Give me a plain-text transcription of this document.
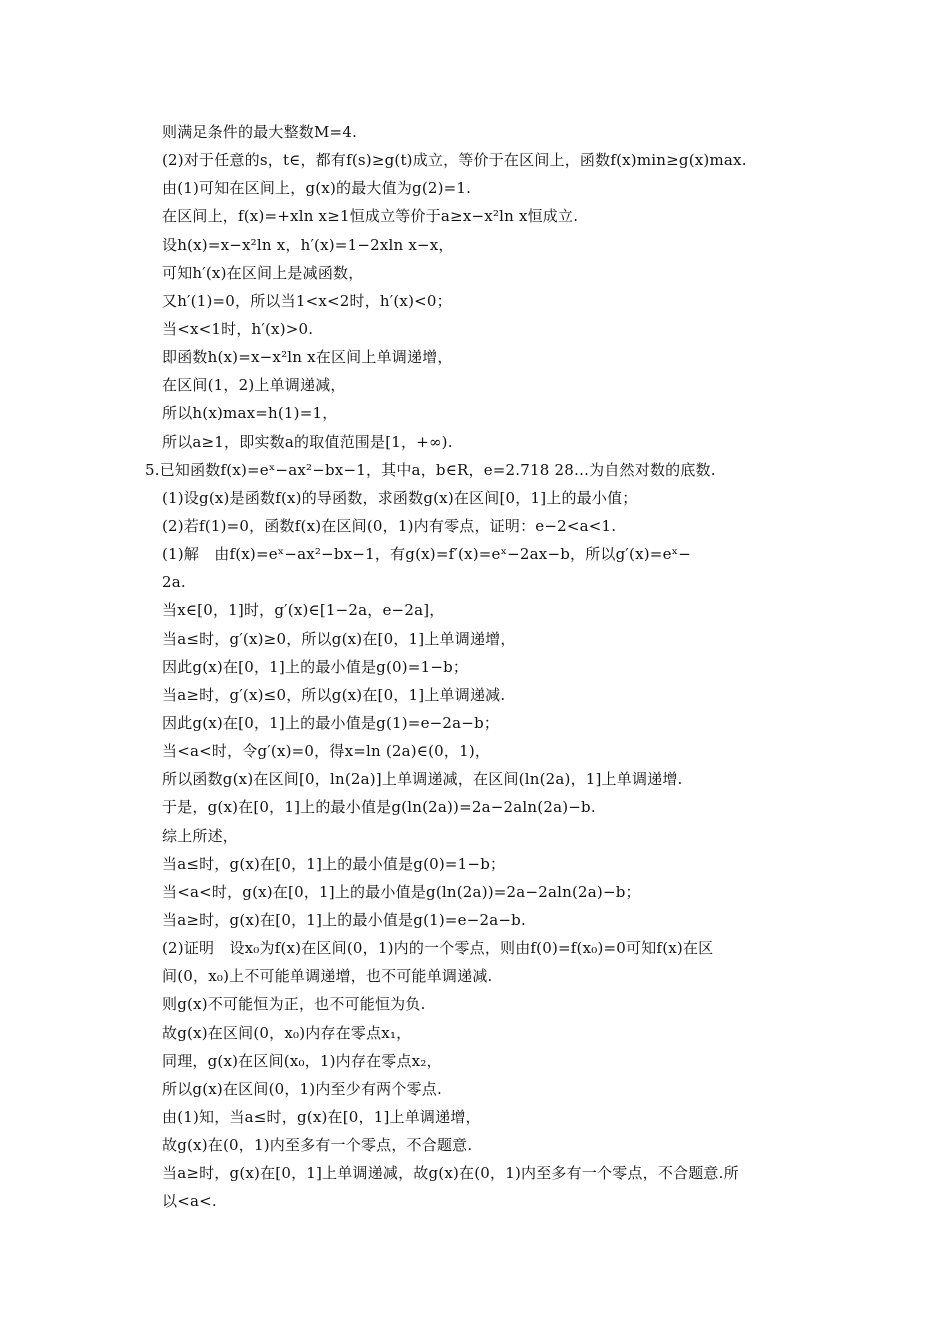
则满足条件的最大整数M=4.
(2)对于任意的s，t∈，都有f(s)≥g(t)成立，等价于在区间上，函数f(x)min≥g(x)max.
由(1)可知在区间上，g(x)的最大值为g(2)=1.
在区间上，f(x)=+xln x≥1恒成立等价于a≥x−x²ln x恒成立.
设h(x)=x−x²ln x，h′(x)=1−2xln x−x，
可知h′(x)在区间上是减函数，
又h′(1)=0，所以当1<x<2时，h′(x)<0；
当<x<1时，h′(x)>0.
即函数h(x)=x−x²ln x在区间上单调递增，
在区间(1，2)上单调递减，
所以h(x)max=h(1)=1，
所以a≥1，即实数a的取值范围是[1，+∞).
5.已知函数f(x)=eˣ−ax²−bx−1，其中a，b∈R，e=2.718 28…为自然对数的底数.
(1)设g(x)是函数f(x)的导函数，求函数g(x)在区间[0，1]上的最小值；
(2)若f(1)=0，函数f(x)在区间(0，1)内有零点，证明：e−2<a<1.
(1)解　由f(x)=eˣ−ax²−bx−1，有g(x)=f′(x)=eˣ−2ax−b，所以g′(x)=eˣ−
2a.
当x∈[0，1]时，g′(x)∈[1−2a，e−2a]，
当a≤时，g′(x)≥0，所以g(x)在[0，1]上单调递增，
因此g(x)在[0，1]上的最小值是g(0)=1−b；
当a≥时，g′(x)≤0，所以g(x)在[0，1]上单调递减.
因此g(x)在[0，1]上的最小值是g(1)=e−2a−b；
当<a<时，令g′(x)=0，得x=ln (2a)∈(0，1)，
所以函数g(x)在区间[0，ln(2a)]上单调递减，在区间(ln(2a)，1]上单调递增.
于是，g(x)在[0，1]上的最小值是g(ln(2a))=2a−2aln(2a)−b.
综上所述，
当a≤时，g(x)在[0，1]上的最小值是g(0)=1−b；
当<a<时，g(x)在[0，1]上的最小值是g(ln(2a))=2a−2aln(2a)−b；
当a≥时，g(x)在[0，1]上的最小值是g(1)=e−2a−b.
(2)证明　设x₀为f(x)在区间(0，1)内的一个零点，则由f(0)=f(x₀)=0可知f(x)在区
间(0，x₀)上不可能单调递增，也不可能单调递减.
则g(x)不可能恒为正，也不可能恒为负.
故g(x)在区间(0，x₀)内存在零点x₁，
同理，g(x)在区间(x₀，1)内存在零点x₂，
所以g(x)在区间(0，1)内至少有两个零点.
由(1)知，当a≤时，g(x)在[0，1]上单调递增，
故g(x)在(0，1)内至多有一个零点，不合题意.
当a≥时，g(x)在[0，1]上单调递减，故g(x)在(0，1)内至多有一个零点，不合题意.所
以<a<.
